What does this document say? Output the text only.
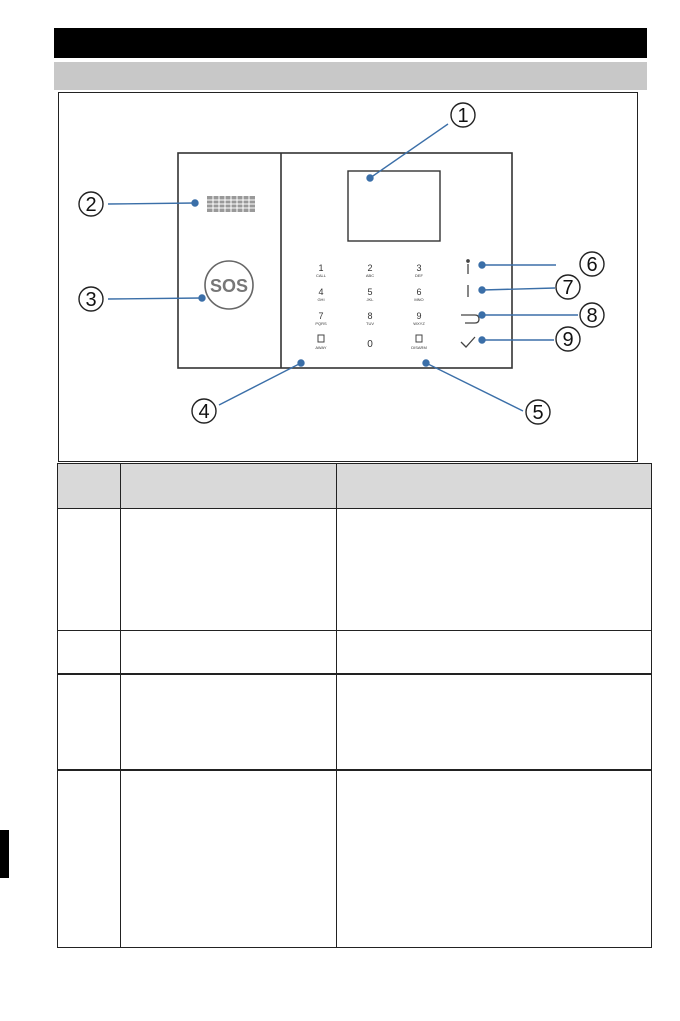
SOS
1
CALL
2
ABC
3
DEF
4
GHI
5
JKL
6
MNO
7
PQRS
8
TUV
9
WXYZ
AWAY	0	DISARM
1
2
3
4	5
6
7
8
9
